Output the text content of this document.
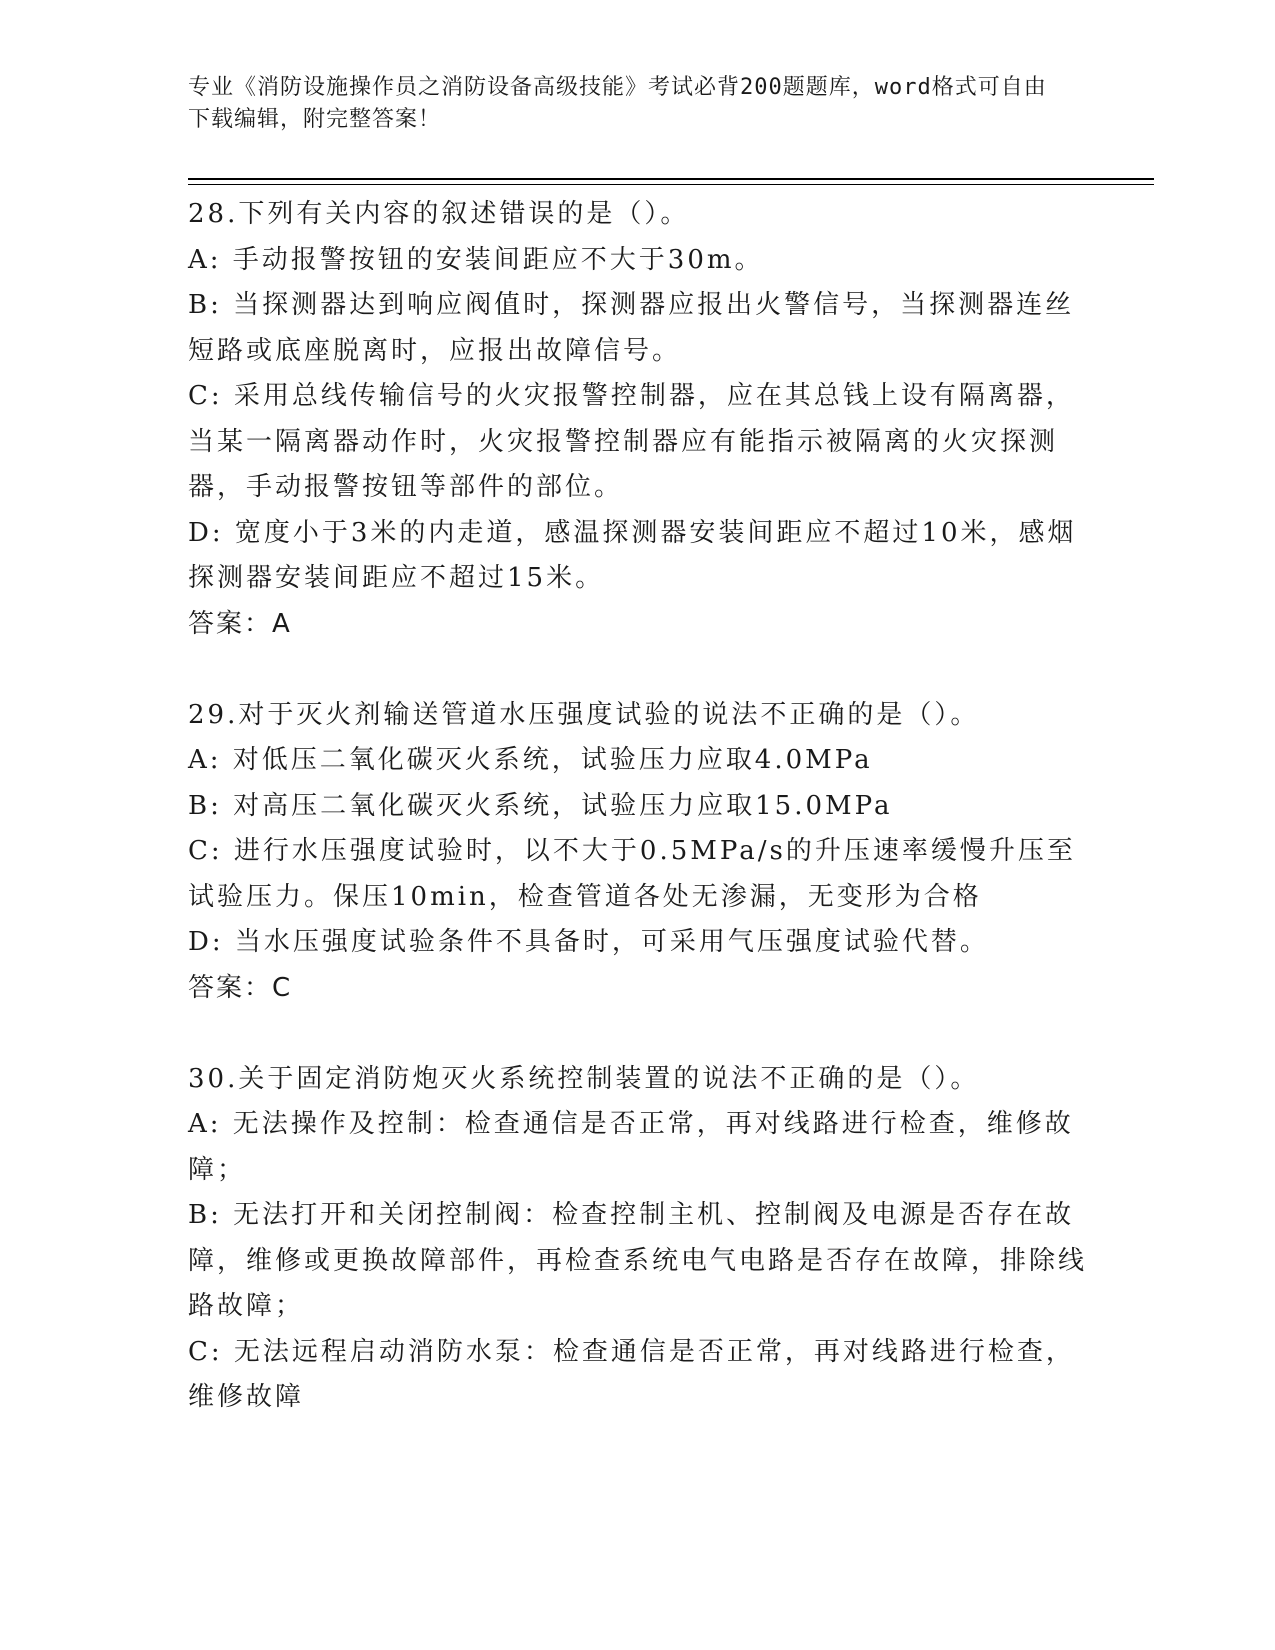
专业《消防设施操作员之消防设备高级技能》考试必背200题题库，word格式可自由下载编辑，附完整答案！

28.下列有关内容的叙述错误的是（）。

A: 手动报警按钮的安装间距应不大于30m。

B: 当探测器达到响应阀值时，探测器应报出火警信号，当探测器连丝短路或底座脱离时，应报出故障信号。

C: 采用总线传输信号的火灾报警控制器，应在其总钱上设有隔离器，当某一隔离器动作时，火灾报警控制器应有能指示被隔离的火灾探测器，手动报警按钮等部件的部位。

D: 宽度小于3米的内走道，感温探测器安装间距应不超过10米，感烟探测器安装间距应不超过15米。

答案：A

29.对于灭火剂输送管道水压强度试验的说法不正确的是（）。

A: 对低压二氧化碳灭火系统，试验压力应取4.0MPa

B: 对高压二氧化碳灭火系统，试验压力应取15.0MPa

C: 进行水压强度试验时，以不大于0.5MPa/s的升压速率缓慢升压至试验压力。保压10min，检查管道各处无渗漏，无变形为合格

D: 当水压强度试验条件不具备时，可采用气压强度试验代替。

答案：C

30.关于固定消防炮灭火系统控制装置的说法不正确的是（）。

A: 无法操作及控制：检查通信是否正常，再对线路进行检查，维修故障；

B: 无法打开和关闭控制阀：检查控制主机、控制阀及电源是否存在故障，维修或更换故障部件，再检查系统电气电路是否存在故障，排除线路故障；

C: 无法远程启动消防水泵：检查通信是否正常，再对线路进行检查，维修故障
